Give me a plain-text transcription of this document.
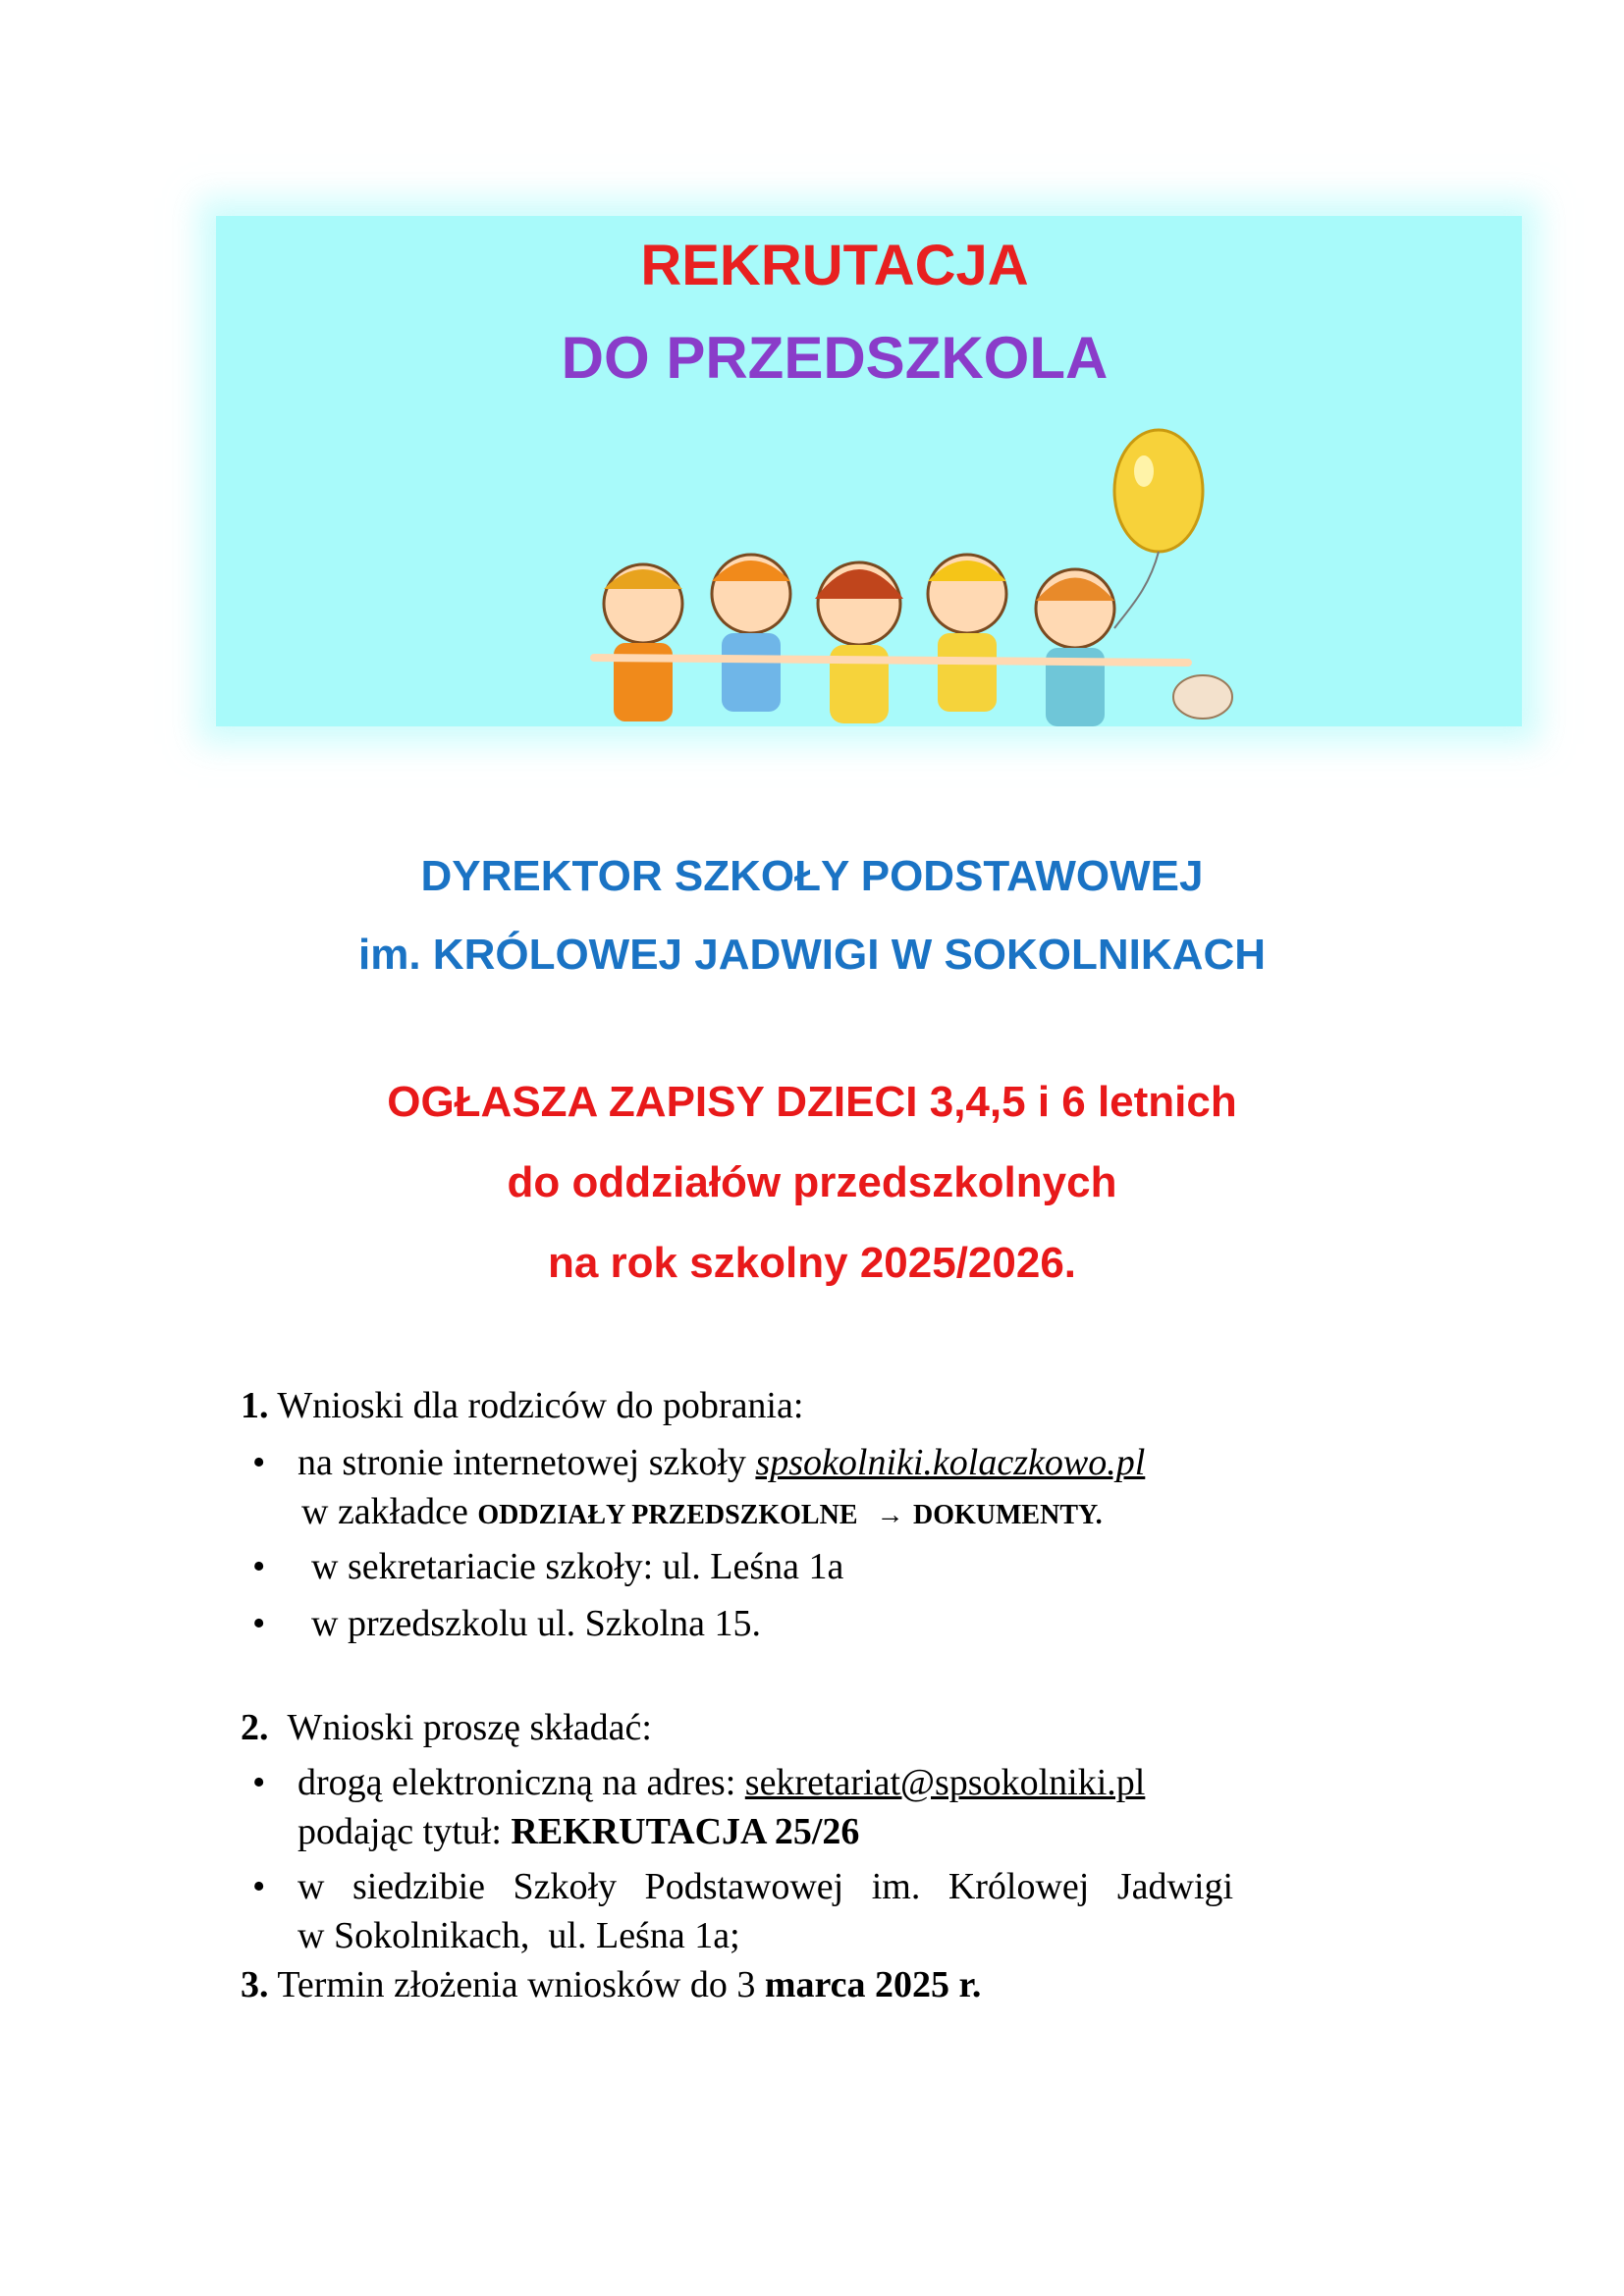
REKRUTACJA
DO PRZEDSZKOLA
DYREKTOR SZKOŁY PODSTAWOWEJ
im. KRÓLOWEJ JADWIGI W SOKOLNIKACH
OGŁASZA ZAPISY DZIECI 3,4,5 i 6 letnich
do oddziałów przedszkolnych
na rok szkolny 2025/2026.
1. Wnioski dla rodziców do pobrania:
• na stronie internetowej szkoły spsokolniki.kolaczkowo.pl
w zakładce ODDZIAŁY PRZEDSZKOLNE → DOKUMENTY.
• w sekretariacie szkoły: ul. Leśna 1a
• w przedszkolu ul. Szkolna 15.
2. Wnioski proszę składać:
• drogą elektroniczną na adres: sekretariat@spsokolniki.pl
podając tytuł: REKRUTACJA 25/26
• w   siedzibie   Szkoły   Podstawowej   im.   Królowej   Jadwigi
w Sokolnikach,  ul. Leśna 1a;
3. Termin złożenia wniosków do 3 marca 2025 r.
